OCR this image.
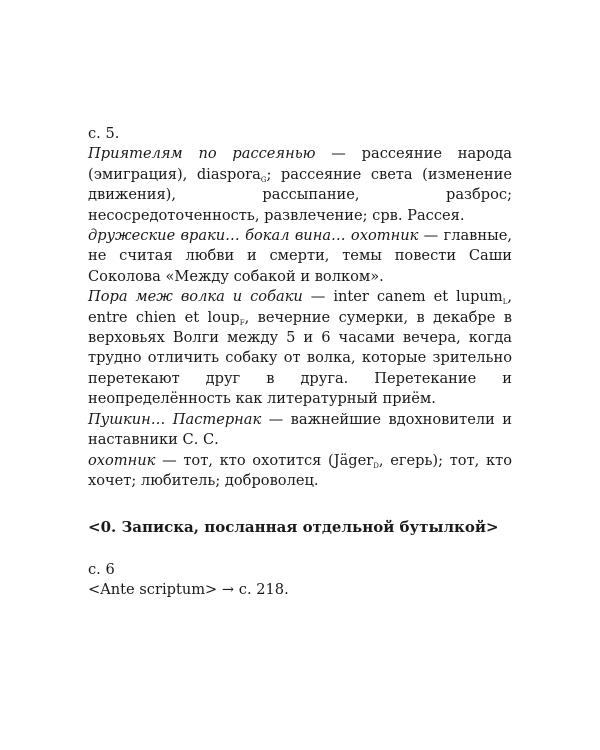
с. 5.

Приятелям по рассеянью — рассеяние народа (эмиграция), diaspora$_G$; рассеяние света (изменение движения), рассыпание, разброс; несосредоточенность, развлечение; срв. Рассея.

дружеские враки… бокал вина… охотник — главные, не считая любви и смерти, темы повести Саши Соколова «Между собакой и волком».

Пора меж волка и собаки — inter canem et lupum$_L$, entre chien et loup$_F$, вечерние сумерки, в декабре в верховьях Волги между 5 и 6 часами вечера, когда трудно отличить собаку от волка, которые зрительно перетекают друг в друга. Перетекание и неопределённость как литературный приём.

Пушкин… Пастернак — важнейшие вдохновители и наставники С. С.

охотник — тот, кто охотится (Jäger$_D$, егерь); тот, кто хочет; любитель; доброволец.

<0. Записка, посланная отдельной бутылкой>

с. 6

<Ante scriptum> → с. 218.
